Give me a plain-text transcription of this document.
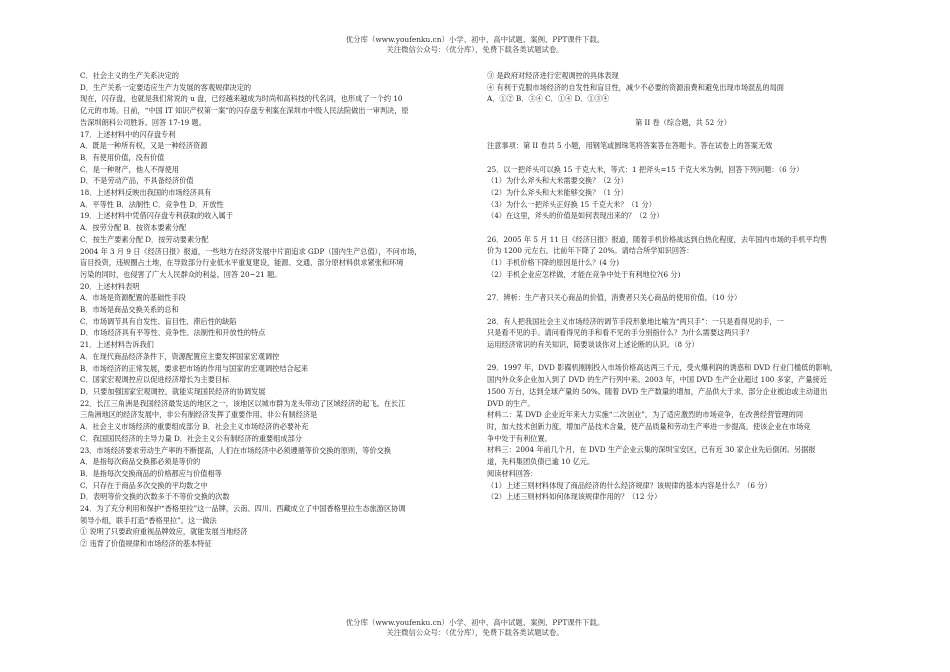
优分库（www.youfenku.cn）小学、初中、高中试题、案例、PPT课件下载。
关注微信公众号：（优分库），免费下载各类试题试卷。
C．社会主义的生产关系决定的
D．生产关系一定要适应生产力发展的客观规律决定的
现在，闪存盘，也就是我们常说的 u 盘，已经越来越成为时尚和高科技的代名词，也形成了一个约 10
亿元的市场。日前，“中国 IT 知识产权第一案”的闪存盘专利案在深圳市中级人民法院做出一审判决，原
告深圳朗科公司胜诉。回答 17-19 题。
17．上述材料中的闪存盘专利
A．既是一种所有权，又是一种经济资源
B．有使用价值，没有价值
C．是一种财产，他人不得使用
D．不是劳动产品，不具备经济价值
18．上述材料反映出我国的市场经济具有
A．平等性 B．法制性 C．竞争性 D．开放性
19．上述材料中凭借闪存盘专利获取的收入属于
A．按劳分配 B．按资本要素分配
C．按生产要素分配 D．按劳动要素分配
2004 年 3 月 9 日《经济日报》报道，一些地方在经济发展中片面追求 GDP（国内生产总值），不问市场，
盲目投资，违规圈占土地，在导致部分行业低水平重复建设，能源、交通、部分原材料供求紧张和环境
污染的同时，也侵害了广大人民群众的利益。回答 20~21 题。
20．上述材料表明
A．市场是资源配置的基础性手段
B．市场是商品交换关系的总和
C．市场调节具有自发性、盲目性、滞后性的缺陷
D．市场经济具有平等性、竞争性、法制性和开放性的特点
21．上述材料告诉我们
A．在现代商品经济条件下，资源配置应主要发挥国家宏观调控
B．市场经济的正常发展，要求把市场的作用与国家的宏观调控结合起来
C．国家宏观调控应以促进经济增长为主要目标
D．只要加强国家宏观调控，就能实现国民经济的协调发展
22．长江三角洲是我国经济最发达的地区之一，该地区以城市群为龙头带动了区域经济的起飞。在长江
三角洲地区的经济发展中，非公有制经济发挥了重要作用。非公有制经济是
A．社会主义市场经济的重要组成部分 B．社会主义市场经济的必要补充
C．我国国民经济的主导力量 D．社会主义公有制经济的重要组成部分
23．市场经济要求劳动生产率的不断提高，人们在市场经济中必须遵循等价交换的原则，等价交换
A．是指每次商品交换都必须是等价的
B．是指每次交换商品的价格都应与价值相等
C．只存在于商品多次交换的平均数之中
D．表明等价交换的次数多于不等价交换的次数
24．为了充分利用和保护“香格里拉”这一品牌，云南、四川、西藏成立了中国香格里拉生态旅游区协调
领导小组，联手打造“香格里拉”。这一做法
① 说明了只要政府重视品牌效应，就能发展当地经济
② 违背了价值规律和市场经济的基本特征
③ 是政府对经济进行宏观调控的具体表现
④ 有利于克服市场经济的自发性和盲目性，减少不必要的资源浪费和避免出现市场混乱的局面
A．①② B．③④ C．①④ D．①③④
第 II 卷（综合题，共 52 分）
注意事项：第 II 卷共 5 小题，用钢笔或圆珠笔将答案答在答题卡。答在试卷上的答案无效
25．以一把斧头可以换 15 千克大米，等式：1 把斧头=15 千克大米为例，回答下列问题：（6 分）
（1）为什么斧头和大米需要交换？（2 分）
（2）为什么斧头和大米能够交换？（1 分）
（3）为什么一把斧头正好换 15 千克大米？（1 分）
（4）在这里，斧头的价值是如何表现出来的？（2 分）
26．2005 年 5 月 11 日《经济日报》报道，随着手机价格战达到白热化程度，去年国内市场的手机平均售
价为 1200 元左右，比前年下降了 20%。请结合所学知识回答：
（1）手机价格下降的原因是什么？(4 分)
（2）手机企业应怎样做，才能在竞争中处于有利地位?(6 分)
27．辨析：生产者只关心商品的价值，消费者只关心商品的使用价值。（10 分）
28．有人把我国社会主义市场经济的调节手段形象地比喻为“两只手”：一只是看得见的手，一
只是看不见的手。请问看得见的手和看不见的手分别指什么？为什么需要这两只手？
运用经济常识的有关知识，简要谈谈你对上述论断的认识。（8 分）
29．1997 年，DVD 影碟机刚刚投入市场价格高达两三千元，受火爆利润的诱惑和 DVD 行业门槛低的影响，
国内外众多企业加入到了 DVD 的生产行列中来。2003 年，中国 DVD 生产企业超过 100 多家，产量接近
1500 万台，达到全球产量的 50%。随着 DVD 生产数量的增加，产品供大于求，部分企业被迫或主动退出
DVD 的生产。
材料二：某 DVD 企业近年来大力实施“二次创业”，为了适应激烈的市场竞争，在改善经营管理的同
时，加大技术创新力度，增加产品技术含量，使产品质量和劳动生产率进一步提高，使该企业在市场竞
争中处于有利位置。
材料三：2004 年前几个月，在 DVD 生产企业云集的深圳宝安区，已有近 30 家企业先后倒闭。另据报
道，先科集团负债已逾 10 亿元。
阅读材料回答：
（1）上述三则材料体现了商品经济的什么经济规律？该规律的基本内容是什么？（6 分）
（2）上述三则材料如何体现该规律作用的？（12 分）
优分库（www.youfenku.cn）小学、初中、高中试题、案例、PPT课件下载。
关注微信公众号：（优分库），免费下载各类试题试卷。
